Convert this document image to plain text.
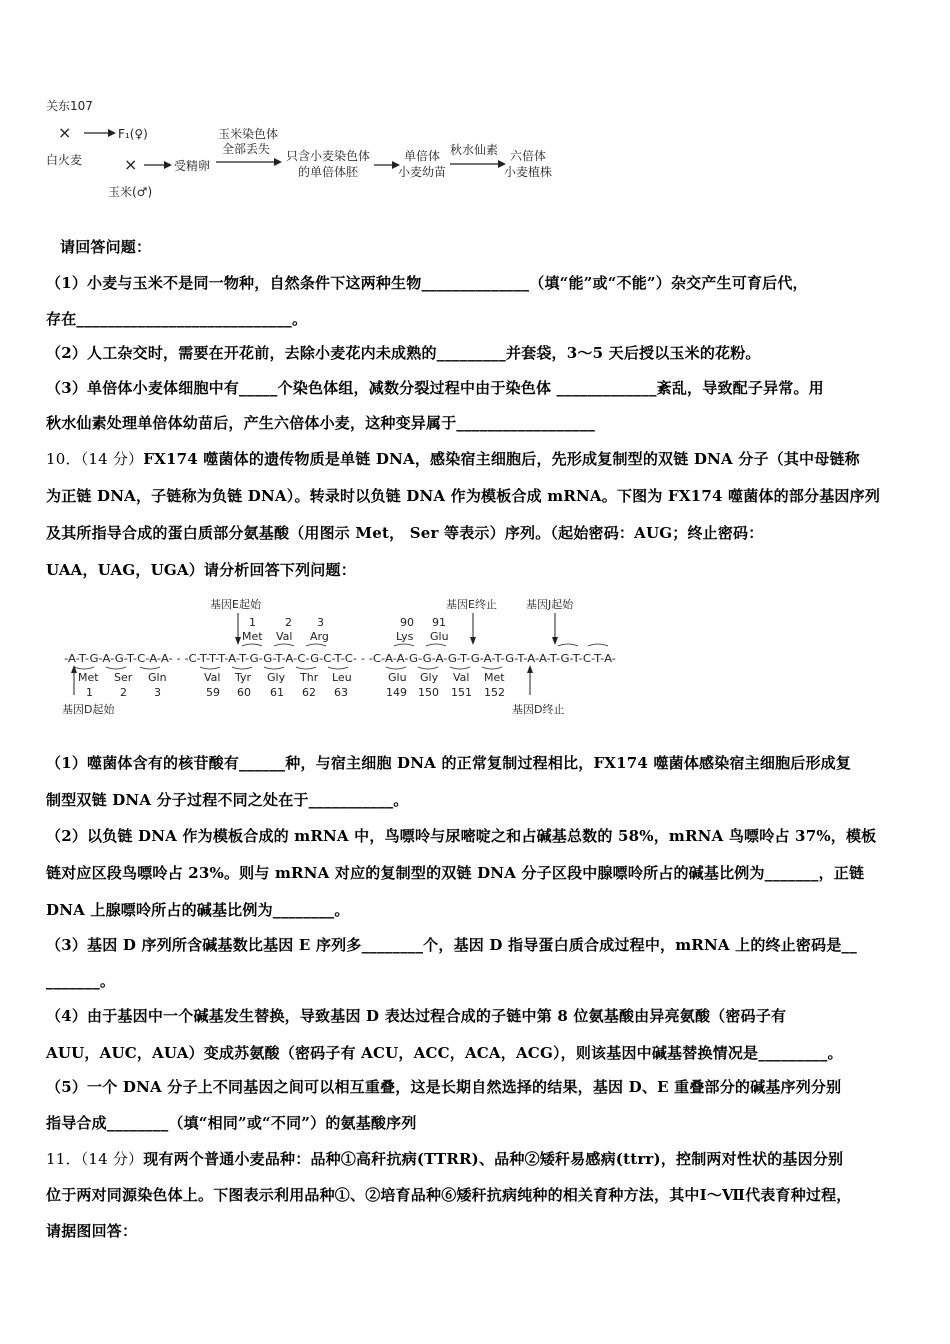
关东107
×	F₁(♀)
白火麦	×	受精卵
玉米(♂)
玉米染色体
全部丢失 只含小麦染色体
的单倍体胚
单倍体
小麦幼苗
秋水仙素 六倍体
小麦植株
请回答问题：
（1）小麦与玉米不是同一物种，自然条件下这两种生物______________（填“能”或“不能”）杂交产生可育后代，
存在____________________________。
（2）人工杂交时，需要在开花前，去除小麦花内未成熟的_________并套袋，3～5 天后授以玉米的花粉。
（3）单倍体小麦体细胞中有_____个染色体组，减数分裂过程中由于染色体 _____________紊乱，导致配子异常。用
秋水仙素处理单倍体幼苗后，产生六倍体小麦，这种变异属于__________________
10．（14 分）FX174 噬菌体的遗传物质是单链 DNA，感染宿主细胞后，先形成复制型的双链 DNA 分子（其中母链称
为正链 DNA，子链称为负链 DNA）。转录时以负链 DNA 作为模板合成 mRNA。下图为 FX174 噬菌体的部分基因序列
及其所指导合成的蛋白质部分氨基酸（用图示 Met， Ser 等表示）序列。（起始密码：AUG；终止密码：
UAA，UAG，UGA）请分析回答下列问题：
基因E起始	基因E终止	基因J起始
1	2 3	90 91
Met Val Arg	Lys Glu
-A-T-G-A-G-T-C-A-A- - -C-T-T-T-A-T-G-G-T-A-C-G-C-T-C- - -C-A-A-G-G-A-G-T-G-A-T-G-T-A-A-T-G-T-C-T-A-
Met Ser Gln	Val Tyr Gly Thr Leu	Glu Gly Val Met
1 2 3	59 60 61 62 63	149 150 151 152
基因D起始	基因D终止
（1）噬菌体含有的核苷酸有______种，与宿主细胞 DNA 的正常复制过程相比，FX174 噬菌体感染宿主细胞后形成复
制型双链 DNA 分子过程不同之处在于___________。
（2）以负链 DNA 作为模板合成的 mRNA 中，鸟嘌呤与尿嘧啶之和占碱基总数的 58%，mRNA 鸟嘌呤占 37%，模板
链对应区段鸟嘌呤占 23%。则与 mRNA 对应的复制型的双链 DNA 分子区段中腺嘌呤所占的碱基比例为_______，正链
DNA 上腺嘌呤所占的碱基比例为________。
（3）基因 D 序列所含碱基数比基因 E 序列多________个，基因 D 指导蛋白质合成过程中，mRNA 上的终止密码是__
_______。
（4）由于基因中一个碱基发生替换，导致基因 D 表达过程合成的子链中第 8 位氨基酸由异亮氨酸（密码子有
AUU，AUC，AUA）变成苏氨酸（密码子有 ACU，ACC，ACA，ACG），则该基因中碱基替换情况是_________。
（5）一个 DNA 分子上不同基因之间可以相互重叠，这是长期自然选择的结果，基因 D、E 重叠部分的碱基序列分别
指导合成________（填“相同”或“不同”）的氨基酸序列
11．（14 分）现有两个普通小麦品种：品种①高秆抗病(TTRR)、品种②矮秆易感病(ttrr)，控制两对性状的基因分别
位于两对同源染色体上。下图表示利用品种①、②培育品种⑥矮秆抗病纯种的相关育种方法，其中Ⅰ～Ⅶ代表育种过程，
请据图回答：
